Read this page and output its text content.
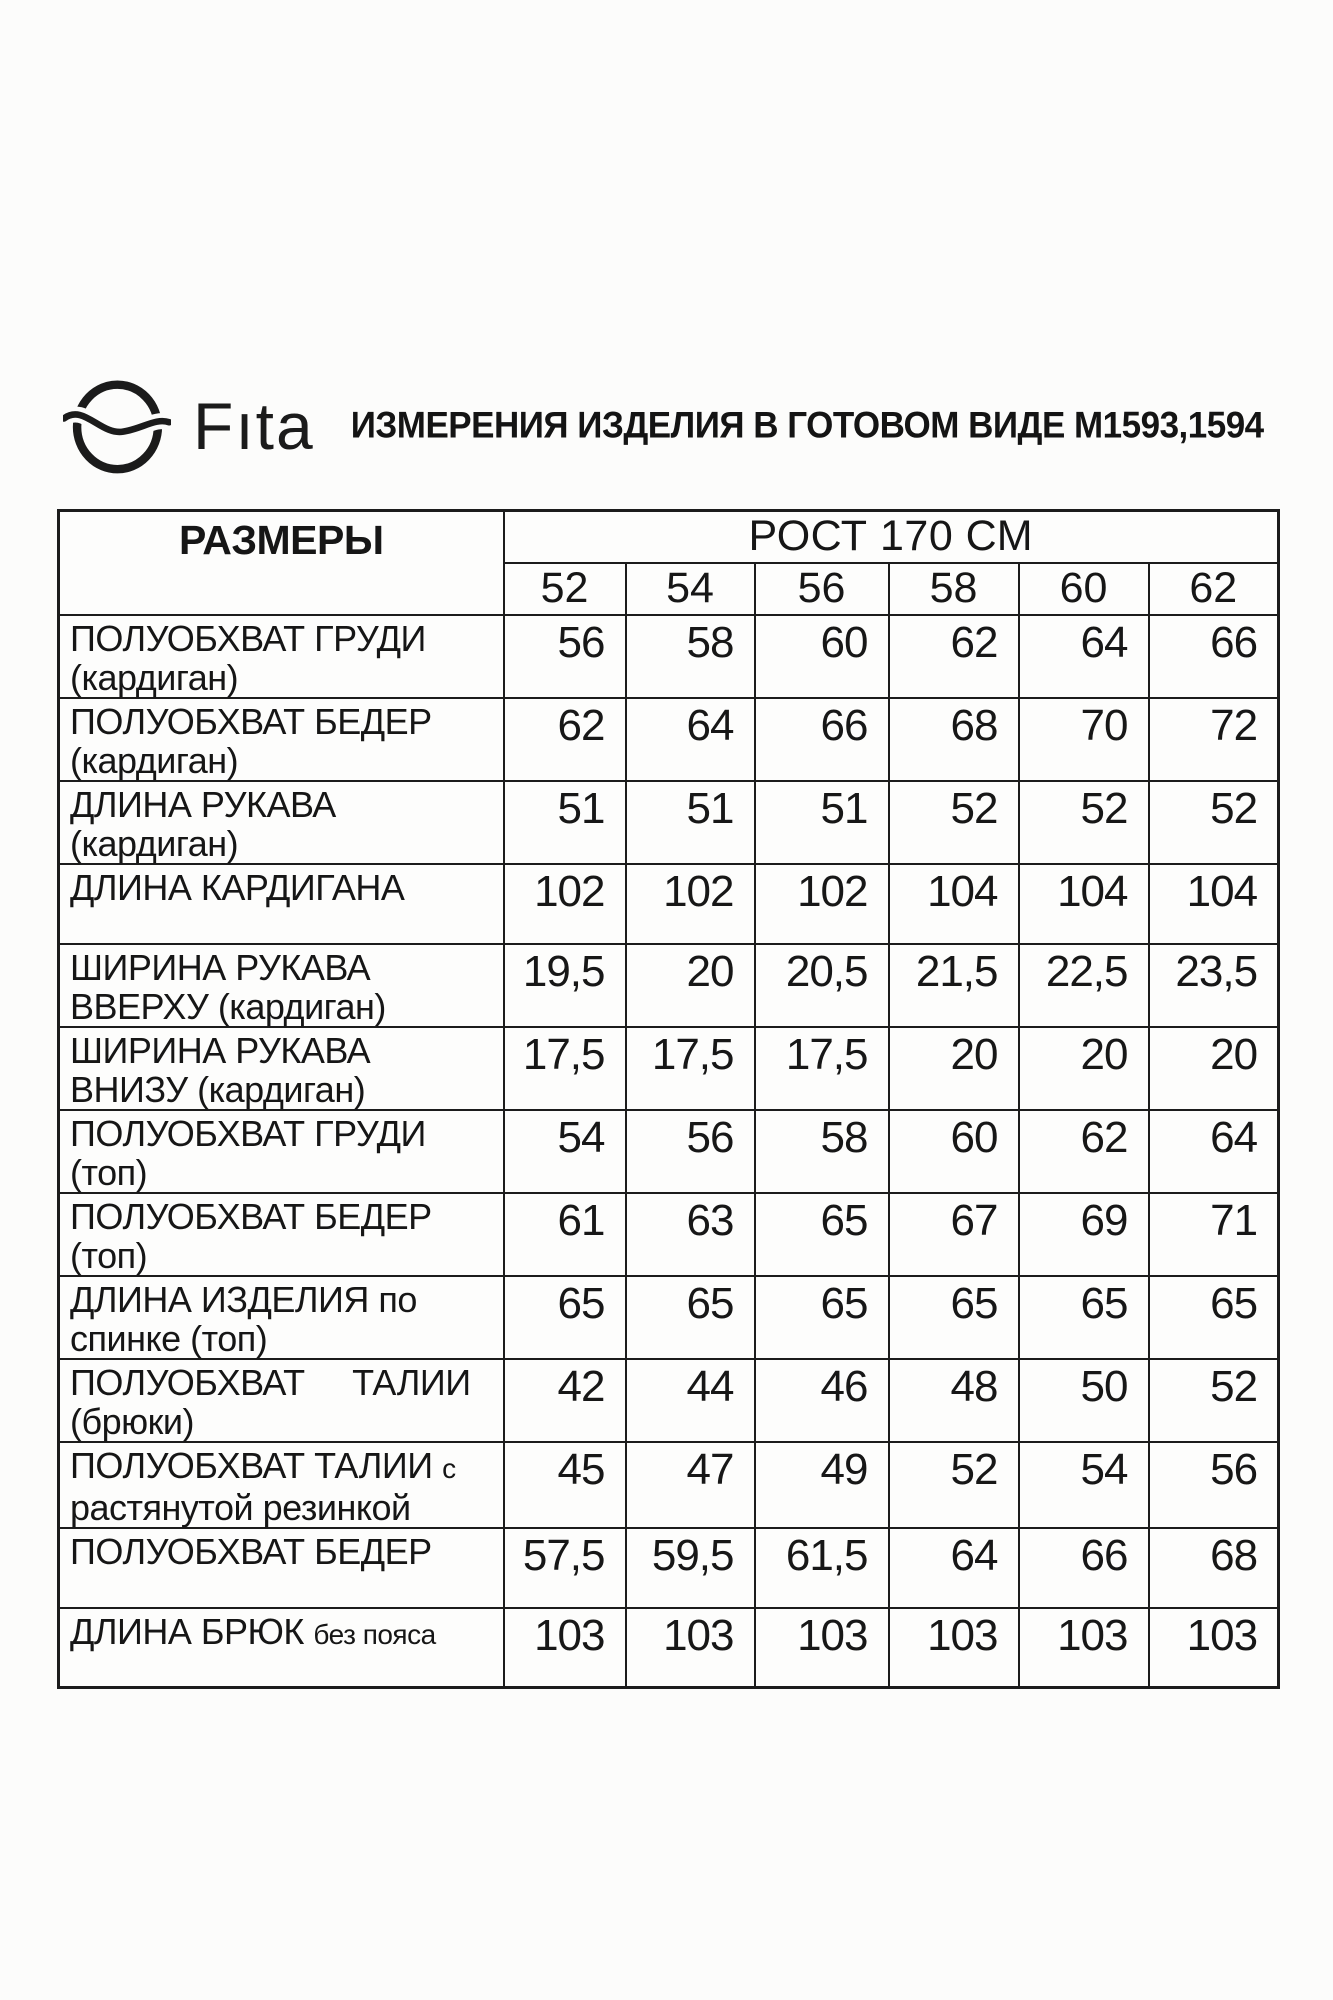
Fıta ИЗМЕРЕНИЯ ИЗДЕЛИЯ В ГОТОВОМ ВИДЕ М1593,1594
РАЗМЕРЫ	РОСТ 170 СМ					
	52	54	56	58	60	62
ПОЛУОБХВАТ ГРУДИ
(кардиган)	56	58	60	62	64	66
ПОЛУОБХВАТ БЕДЕР
(кардиган)	62	64	66	68	70	72
ДЛИНА РУКАВА
(кардиган)	51	51	51	52	52	52
ДЛИНА КАРДИГАНА	102	102	102	104	104	104
ШИРИНА РУКАВА
ВВЕРХУ (кардиган)	19,5	20	20,5	21,5	22,5	23,5
ШИРИНА РУКАВА
ВНИЗУ (кардиган)	17,5	17,5	17,5	20	20	20
ПОЛУОБХВАТ ГРУДИ
(топ)	54	56	58	60	62	64
ПОЛУОБХВАТ БЕДЕР
(топ)	61	63	65	67	69	71
ДЛИНА ИЗДЕЛИЯ по
спинке (топ)	65	65	65	65	65	65
ПОЛУОБХВАТ ТАЛИИ
(брюки)	42	44	46	48	50	52
ПОЛУОБХВАТ ТАЛИИ с
растянутой резинкой	45	47	49	52	54	56
ПОЛУОБХВАТ БЕДЕР	57,5	59,5	61,5	64	66	68
ДЛИНА БРЮК без пояса	103	103	103	103	103	103
